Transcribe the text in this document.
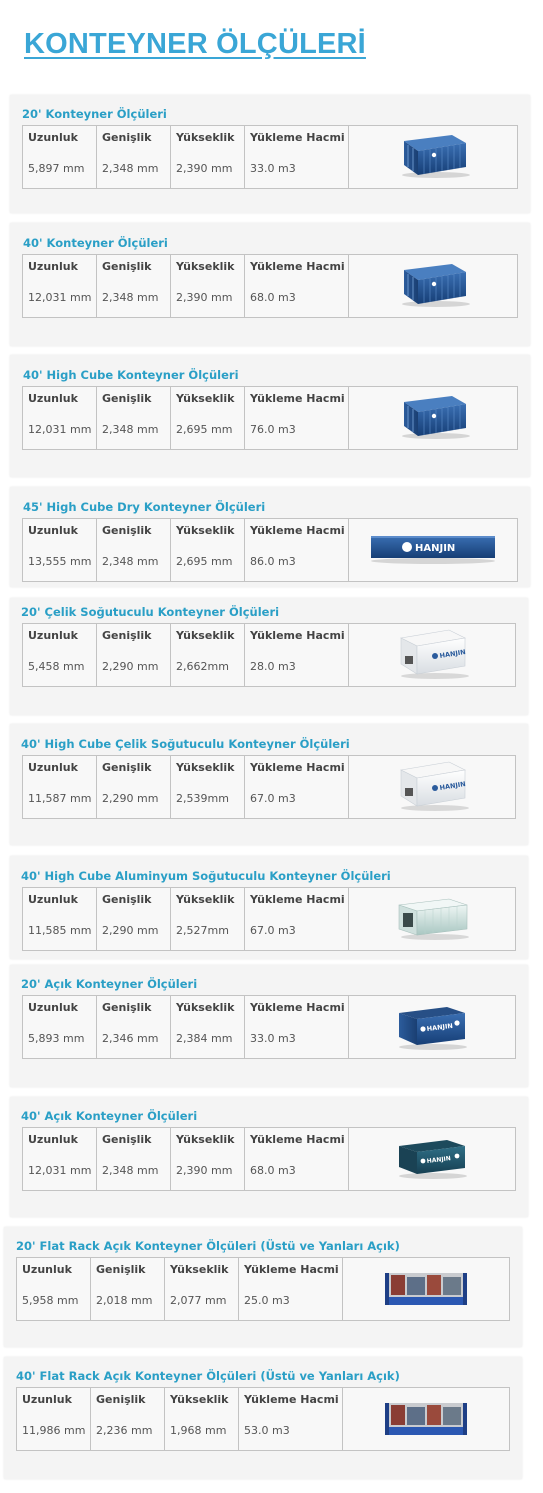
KONTEYNER ÖLÇÜLERİ
20' Konteyner Ölçüleri
Uzunluk
5,897 mm
Genişlik
2,348 mm
Yükseklik
2,390 mm
Yükleme Hacmi
33.0 m3
40' Konteyner Ölçüleri
Uzunluk
12,031 mm
Genişlik
2,348 mm
Yükseklik
2,390 mm
Yükleme Hacmi
68.0 m3
40' High Cube Konteyner Ölçüleri
Uzunluk
12,031 mm
Genişlik
2,348 mm
Yükseklik
2,695 mm
Yükleme Hacmi
76.0 m3
45' High Cube Dry Konteyner Ölçüleri
Uzunluk
13,555 mm
Genişlik
2,348 mm
Yükseklik
2,695 mm
Yükleme Hacmi
86.0 m3
HANJIN
20' Çelik Soğutuculu Konteyner Ölçüleri
Uzunluk
5,458 mm
Genişlik
2,290 mm
Yükseklik
2,662mm
Yükleme Hacmi
28.0 m3
HANJIN
40' High Cube Çelik Soğutuculu Konteyner Ölçüleri
Uzunluk
11,587 mm
Genişlik
2,290 mm
Yükseklik
2,539mm
Yükleme Hacmi
67.0 m3
HANJIN
40' High Cube Aluminyum Soğutuculu Konteyner Ölçüleri
Uzunluk
11,585 mm
Genişlik
2,290 mm
Yükseklik
2,527mm
Yükleme Hacmi
67.0 m3
20' Açık Konteyner Ölçüleri
Uzunluk
5,893 mm
Genişlik
2,346 mm
Yükseklik
2,384 mm
Yükleme Hacmi
33.0 m3
HANJIN
40' Açık Konteyner Ölçüleri
Uzunluk
12,031 mm
Genişlik
2,348 mm
Yükseklik
2,390 mm
Yükleme Hacmi
68.0 m3
HANJIN
20' Flat Rack Açık Konteyner Ölçüleri (Üstü ve Yanları Açık)
Uzunluk
5,958 mm
Genişlik
2,018 mm
Yükseklik
2,077 mm
Yükleme Hacmi
25.0 m3
40' Flat Rack Açık Konteyner Ölçüleri (Üstü ve Yanları Açık)
Uzunluk
11,986 mm
Genişlik
2,236 mm
Yükseklik
1,968 mm
Yükleme Hacmi
53.0 m3
